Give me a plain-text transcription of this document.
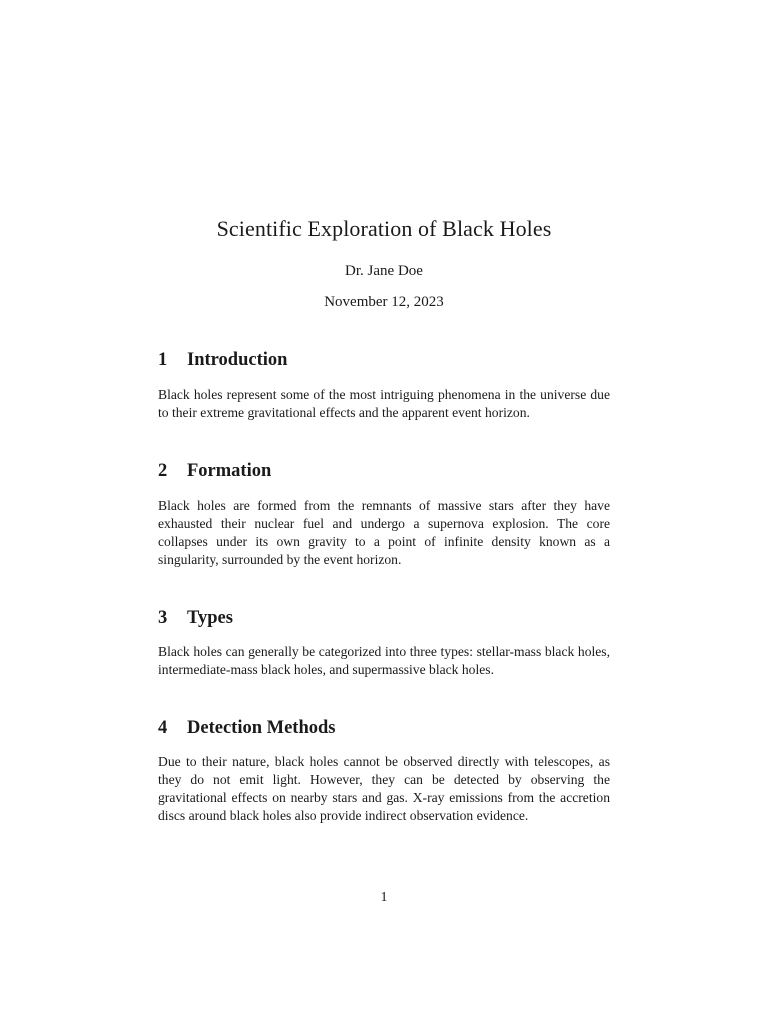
Scientific Exploration of Black Holes
Dr. Jane Doe
November 12, 2023
1 Introduction
Black holes represent some of the most intriguing phenomena in the universe due to their extreme gravitational effects and the apparent event horizon.
2 Formation
Black holes are formed from the remnants of massive stars after they have exhausted their nuclear fuel and undergo a supernova explosion. The core collapses under its own gravity to a point of infinite density known as a singularity, surrounded by the event horizon.
3 Types
Black holes can generally be categorized into three types: stellar-mass black holes, intermediate-mass black holes, and supermassive black holes.
4 Detection Methods
Due to their nature, black holes cannot be observed directly with telescopes, as they do not emit light. However, they can be detected by observing the gravitational effects on nearby stars and gas. X-ray emissions from the accretion discs around black holes also provide indirect observation evidence.
1
